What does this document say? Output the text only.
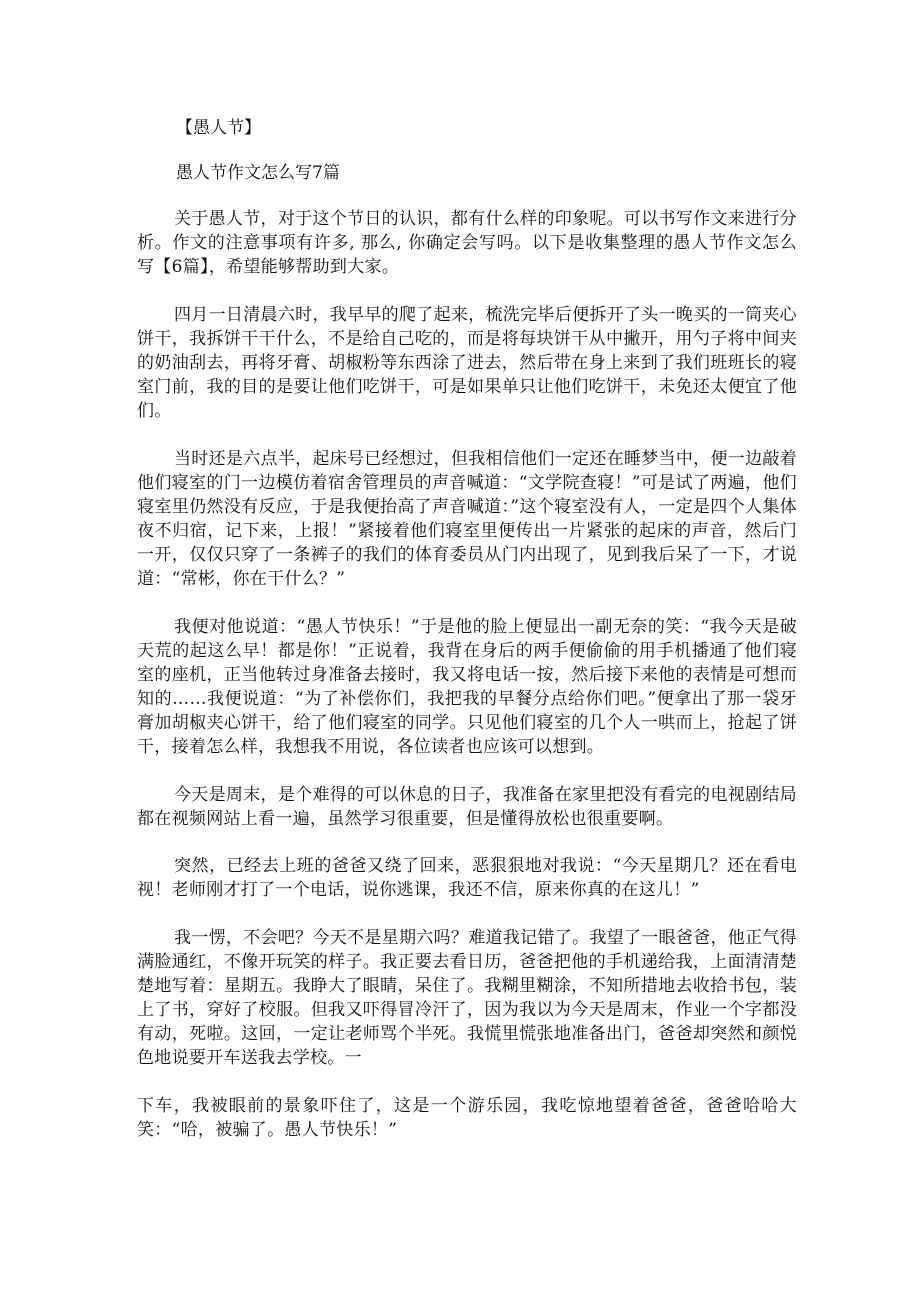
【愚人节】
愚人节作文怎么写7篇
关于愚人节，对于这个节日的认识，都有什么样的印象呢。可以书写作文来进行分析。作文的注意事项有许多, 那么, 你确定会写吗。以下是收集整理的愚人节作文怎么写【6篇】，希望能够帮助到大家。
四月一日清晨六时，我早早的爬了起来，梳洗完毕后便拆开了头一晚买的一筒夹心饼干，我拆饼干干什么，不是给自己吃的，而是将每块饼干从中撇开，用勺子将中间夹的奶油刮去，再将牙膏、胡椒粉等东西涂了进去，然后带在身上来到了我们班班长的寝室门前，我的目的是要让他们吃饼干，可是如果单只让他们吃饼干，未免还太便宜了他们。
当时还是六点半，起床号已经想过，但我相信他们一定还在睡梦当中，便一边敲着他们寝室的门一边模仿着宿舍管理员的声音喊道：“文学院查寝！”可是试了两遍，他们寝室里仍然没有反应，于是我便抬高了声音喊道：”这个寝室没有人，一定是四个人集体夜不归宿，记下来，上报！”紧接着他们寝室里便传出一片紧张的起床的声音，然后门一开，仅仅只穿了一条裤子的我们的体育委员从门内出现了，见到我后呆了一下，才说道：“常彬，你在干什么？”
我便对他说道：“愚人节快乐！”于是他的脸上便显出一副无奈的笑：“我今天是破天荒的起这么早！都是你！”正说着，我背在身后的两手便偷偷的用手机播通了他们寝室的座机，正当他转过身准备去接时，我又将电话一按，然后接下来他的表情是可想而知的……我便说道：“为了补偿你们，我把我的早餐分点给你们吧。”便拿出了那一袋牙膏加胡椒夹心饼干，给了他们寝室的同学。只见他们寝室的几个人一哄而上，抢起了饼干，接着怎么样，我想我不用说，各位读者也应该可以想到。
今天是周末，是个难得的可以休息的日子，我准备在家里把没有看完的电视剧结局都在视频网站上看一遍，虽然学习很重要，但是懂得放松也很重要啊。
突然，已经去上班的爸爸又绕了回来，恶狠狠地对我说：“今天星期几？还在看电视！老师刚才打了一个电话，说你逃课，我还不信，原来你真的在这儿！”
我一愣，不会吧？今天不是星期六吗？难道我记错了。我望了一眼爸爸，他正气得满脸通红，不像开玩笑的样子。我正要去看日历，爸爸把他的手机递给我，上面清清楚楚地写着：星期五。我睁大了眼睛，呆住了。我糊里糊涂，不知所措地去收拾书包，装上了书，穿好了校服。但我又吓得冒冷汗了，因为我以为今天是周末，作业一个字都没有动，死啦。这回，一定让老师骂个半死。我慌里慌张地准备出门，爸爸却突然和颜悦色地说要开车送我去学校。一
下车，我被眼前的景象吓住了，这是一个游乐园，我吃惊地望着爸爸，爸爸哈哈大笑：“哈，被骗了。愚人节快乐！”
